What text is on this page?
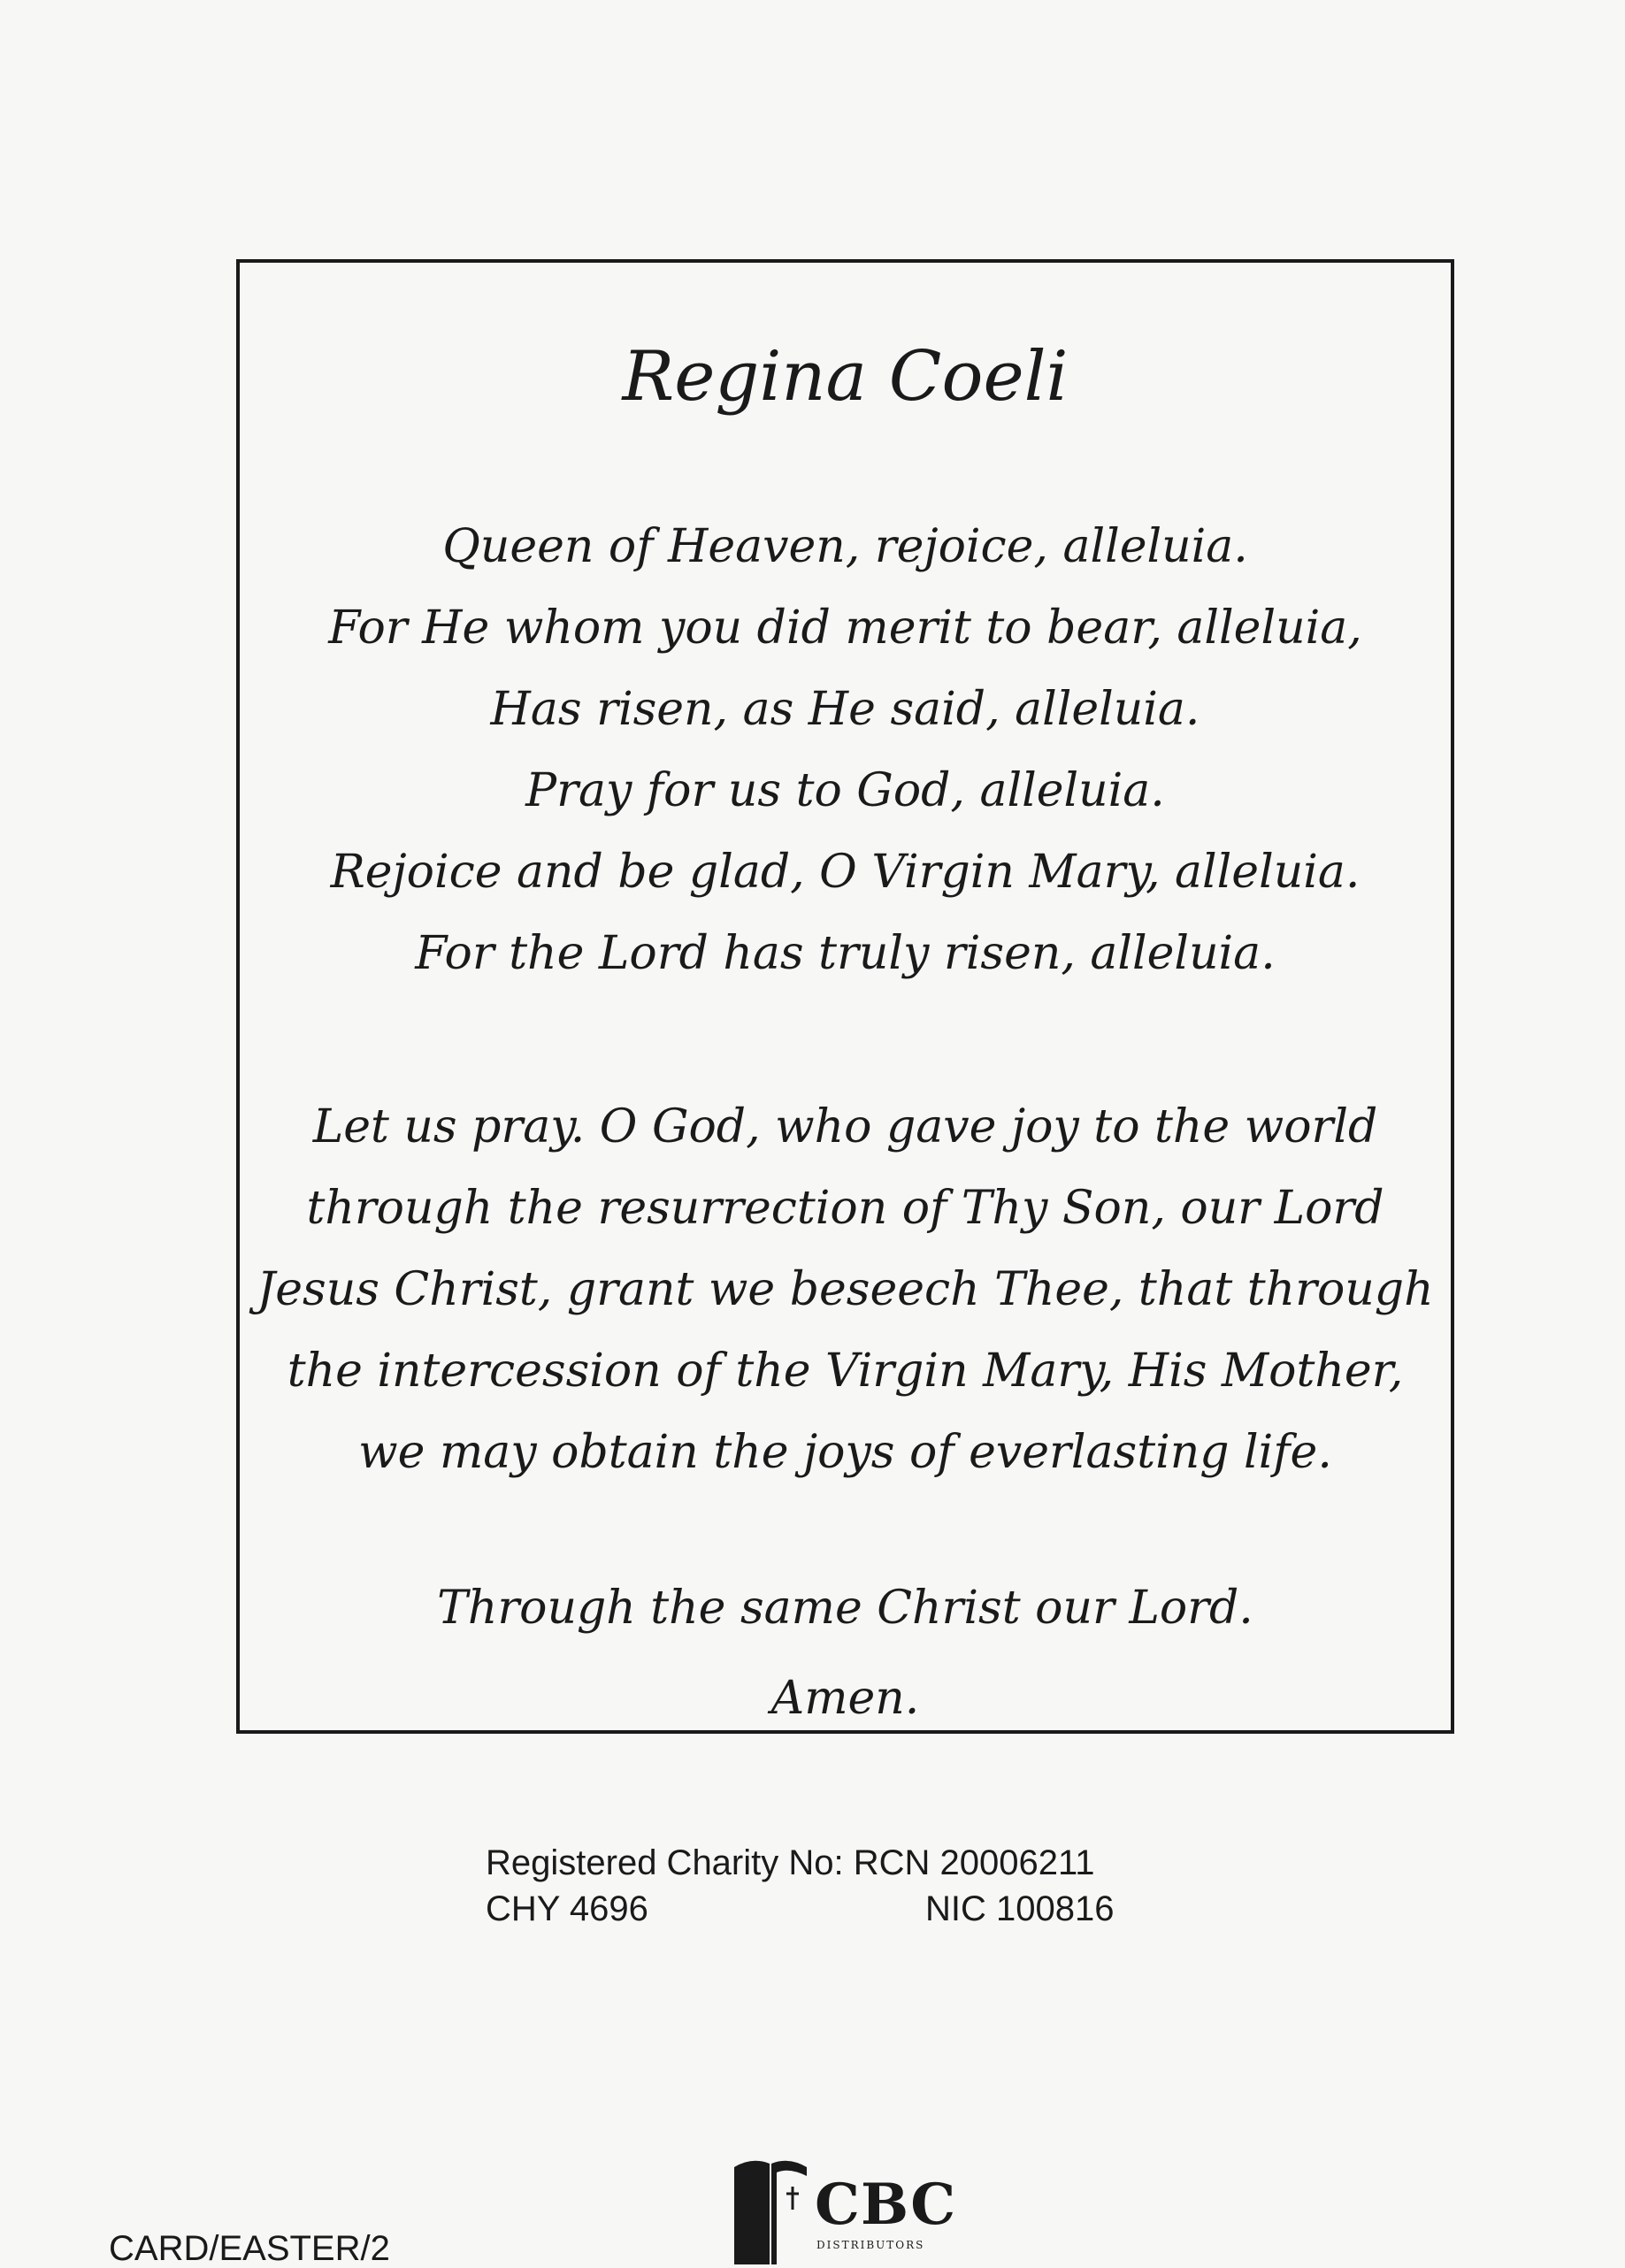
Regina Coeli
Queen of Heaven, rejoice, alleluia.
For He whom you did merit to bear, alleluia,
Has risen, as He said, alleluia.
Pray for us to God, alleluia.
Rejoice and be glad, O Virgin Mary, alleluia.
For the Lord has truly risen, alleluia.
Let us pray. O God, who gave joy to the world
through the resurrection of Thy Son, our Lord
Jesus Christ, grant we beseech Thee, that through
the intercession of the Virgin Mary, His Mother,
we may obtain the joys of everlasting life.
Through the same Christ our Lord.
Amen.
Registered Charity No: RCN 20006211
CHY 4696	NIC 100816
CBC
DISTRIBUTORS
CARD/EASTER/2
